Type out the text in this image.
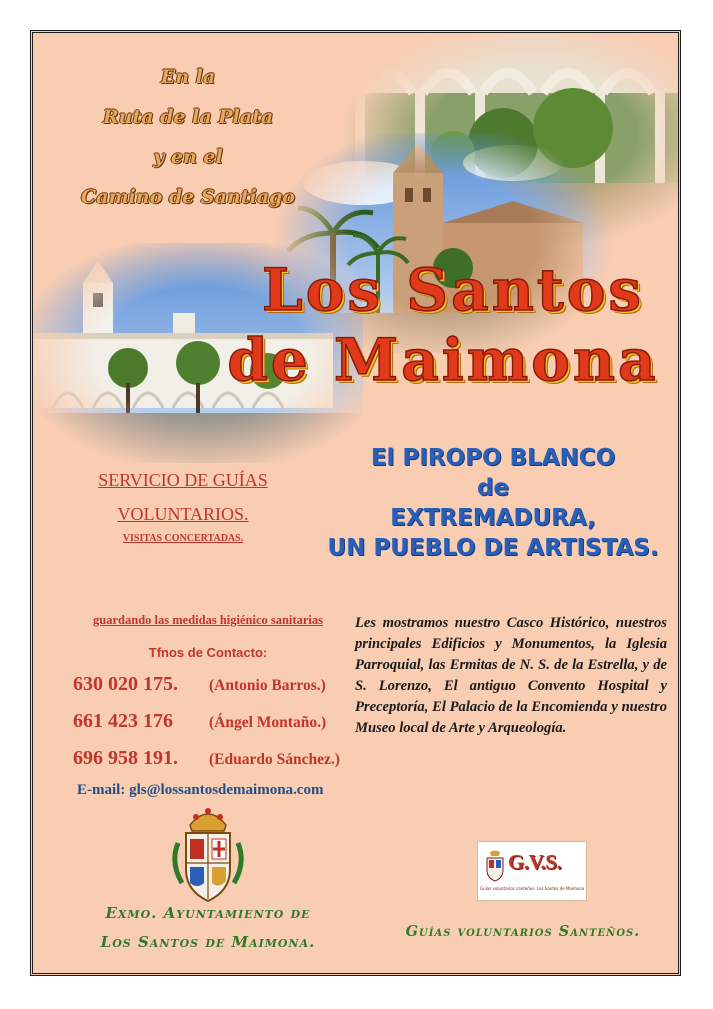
En la
Ruta de la Plata
y en el
Camino de Santiago
Los Santos
de Maimona
El PIROPO BLANCO
de
EXTREMADURA,
UN PUEBLO DE ARTISTAS.
SERVICIO DE GUÍAS
VOLUNTARIOS.
VISITAS CONCERTADAS.
guardando las medidas higiénico sanitarias
Tfnos de Contacto:
630 020 175. (Antonio Barros.)
661 423 176 (Ángel Montaño.)
696 958 191. (Eduardo Sánchez.)
E-mail: gls@lossantosdemaimona.com
Les mostramos nuestro Casco Histórico, nuestros principales Edificios y Monumentos, la Iglesia Parroquial, las Ermitas de N. S. de la Estrella, y de S. Lorenzo, El antiguo Convento Hospital y Preceptoría, El Palacio de la Encomienda y nuestro Museo local de Arte y Arqueología.
G.V.S.
Guías voluntarios santeños. Los Santos de Maimona
Exmo. Ayuntamiento de
Los Santos de Maimona.
Guías voluntarios Santeños.
